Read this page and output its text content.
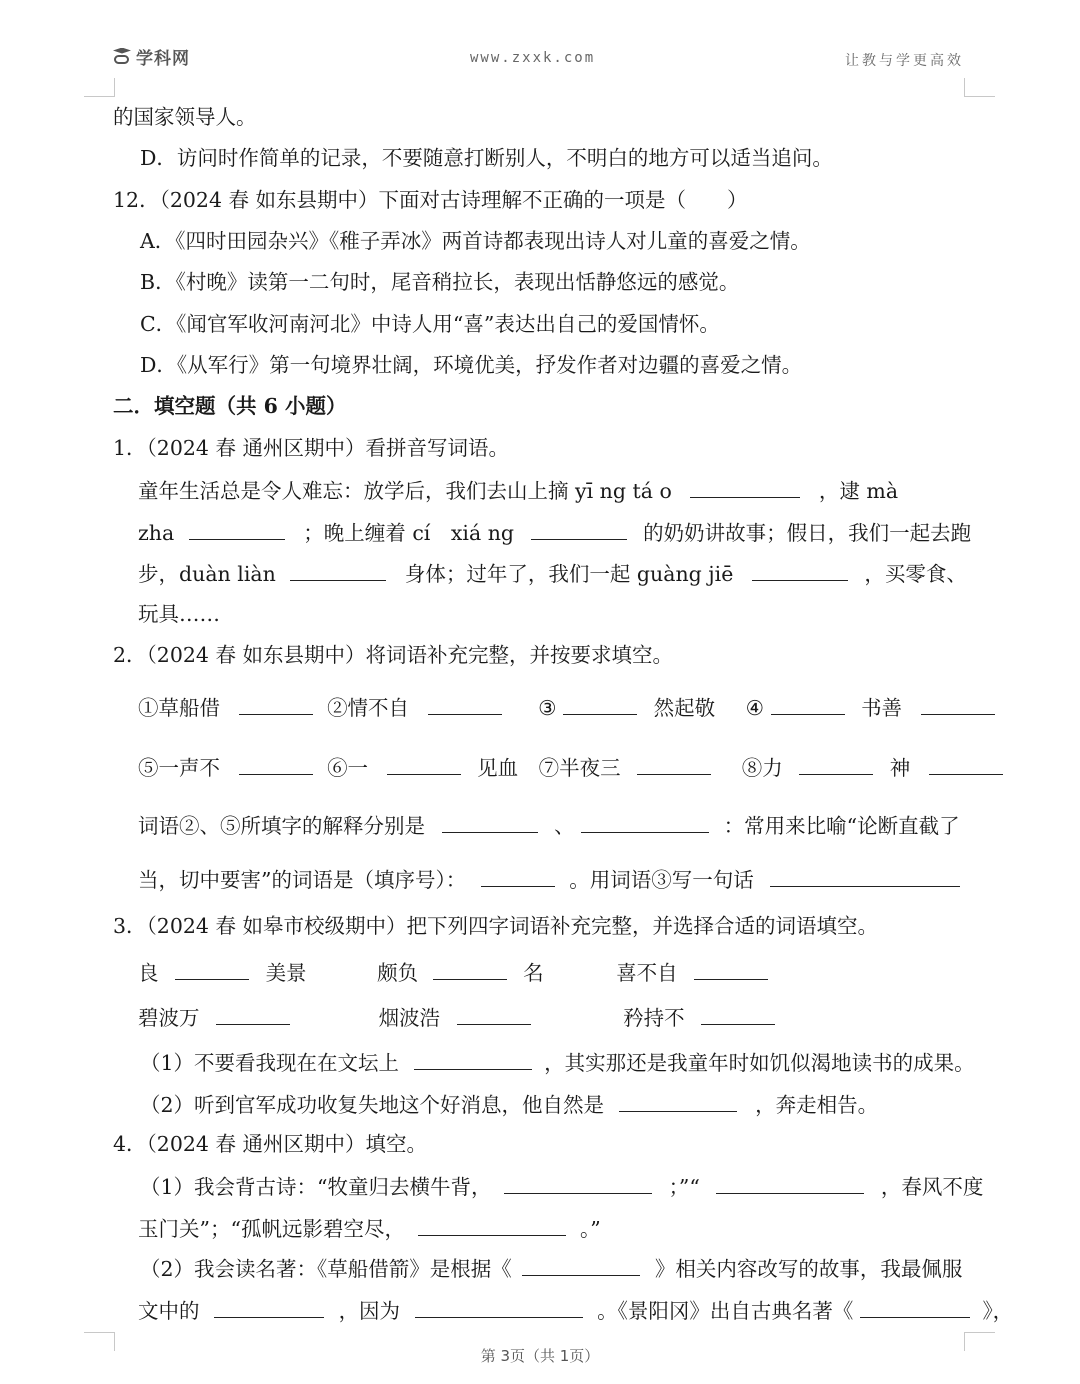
学科网	www.zxxk.com	让教与学更高效
的国家领导人。
D．访问时作简单的记录，不要随意打断别人，不明白的地方可以适当追问。
12．（2024 春 如东县期中）下面对古诗理解不正确的一项是（　　）
A．《四时田园杂兴》《稚子弄冰》两首诗都表现出诗人对儿童的喜爱之情。
B．《村晚》读第一二句时，尾音稍拉长，表现出恬静悠远的感觉。
C．《闻官军收河南河北》中诗人用“喜”表达出自己的爱国情怀。
D．《从军行》第一句境界壮阔，环境优美，抒发作者对边疆的喜爱之情。
二．填空题（共 6 小题）
1．（2024 春 通州区期中）看拼音写词语。
童年生活总是令人难忘：放学后，我们去山上摘 yī ng tá o	，逮 mà
zha	；晚上缠着 cí　xiá ng	的奶奶讲故事；假日，我们一起去跑
步，duàn liàn	身体；过年了，我们一起 guàng jiē	，买零食、
玩具……
2．（2024 春 如东县期中）将词语补充完整，并按要求填空。
①草船借	②情不自	③	然起敬 ④	书善
⑤一声不	⑥一	见血 ⑦半夜三	⑧力	神
词语②、⑤所填字的解释分别是	、	：常用来比喻“论断直截了
当，切中要害”的词语是（填序号）：	。用词语③写一句话
3．（2024 春 如皋市校级期中）把下列四字词语补充完整，并选择合适的词语填空。
良	美景	颇负	名	喜不自
碧波万	烟波浩	矜持不
（1）不要看我现在在文坛上	，其实那还是我童年时如饥似渴地读书的成果。
（2）听到官军成功收复失地这个好消息，他自然是	，奔走相告。
4．（2024 春 通州区期中）填空。
（1）我会背古诗：“牧童归去横牛背，	；”“	，春风不度
玉门关”；“孤帆远影碧空尽，	。”
（2）我会读名著：《草船借箭》是根据《	》相关内容改写的故事，我最佩服
文中的	，因为	。《景阳冈》出自古典名著《	》，
第 3页（共 1页）
